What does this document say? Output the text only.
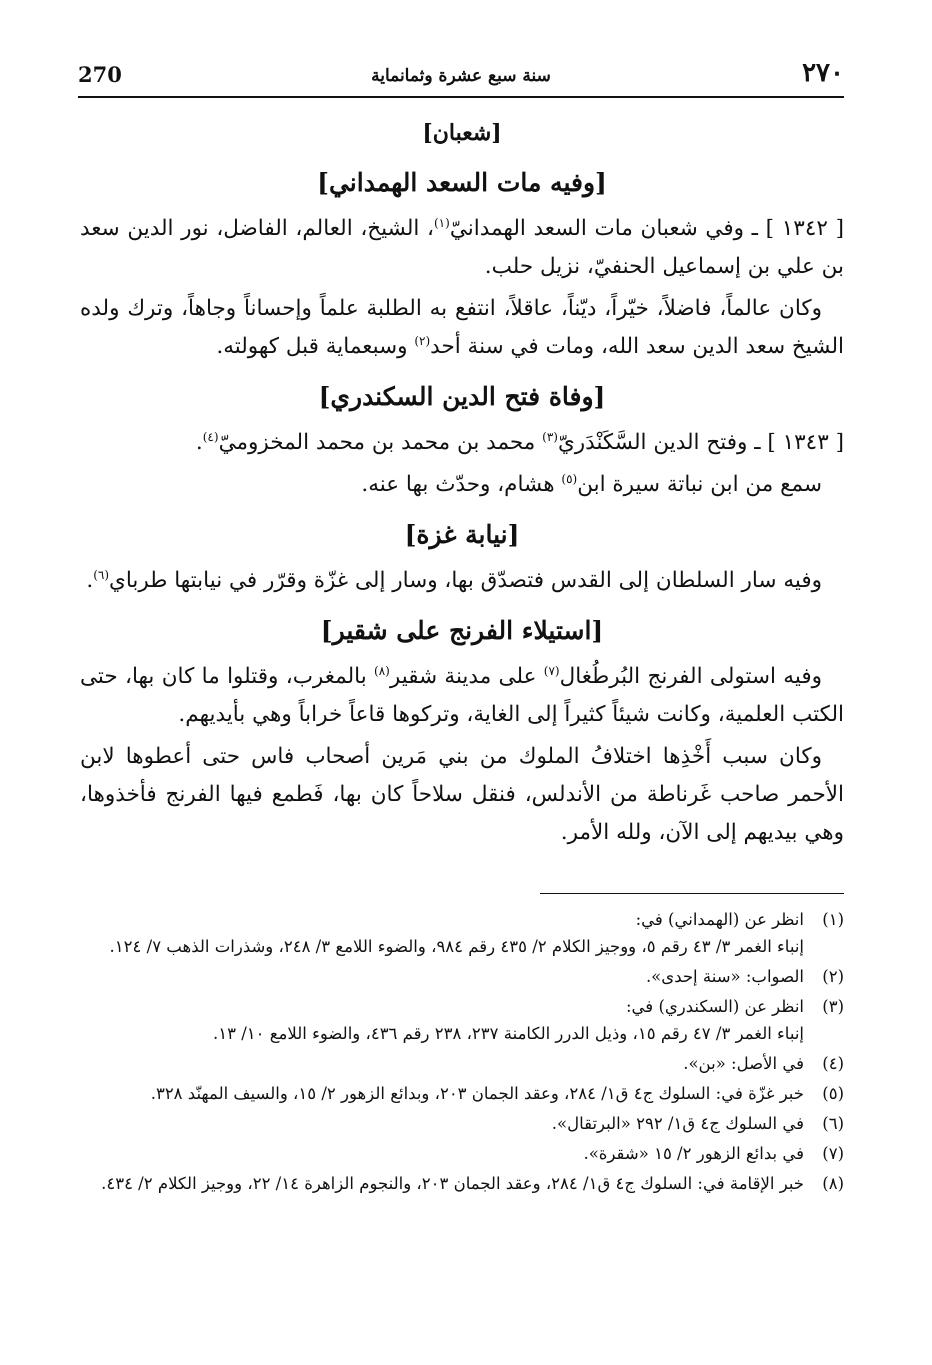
270	سنة سبع عشرة وثمانماية	٢٧٠

[شعبان]

[وفيه مات السعد الهمداني]

[ ١٣٤٢ ] ـ وفي شعبان مات السعد الهمدانيّ$^{(١)}$، الشيخ، العالم، الفاضل، نور الدين سعد بن علي بن إسماعيل الحنفيّ، نزيل حلب.

وكان عالماً، فاضلاً، خيّراً، ديّناً، عاقلاً، انتفع به الطلبة علماً وإحساناً وجاهاً، وترك ولده الشيخ سعد الدين سعد الله، ومات في سنة أحد$^{(٢)}$ وسبعماية قبل كهولته.

[وفاة فتح الدين السكندري]

[ ١٣٤٣ ] ـ وفتح الدين السَّكَنْدَريّ$^{(٣)}$ محمد بن محمد بن محمد المخزوميّ$^{(٤)}$.

سمع من ابن نباتة سيرة ابن$^{(٥)}$ هشام، وحدّث بها عنه.

[نيابة غزة]

وفيه سار السلطان إلى القدس فتصدّق بها، وسار إلى غزّة وقرّر في نيابتها طرباي$^{(٦)}$.

[استيلاء الفرنج على شقير]

وفيه استولى الفرنج البُرطُغال$^{(٧)}$ على مدينة شقير$^{(٨)}$ بالمغرب، وقتلوا ما كان بها، حتى الكتب العلمية، وكانت شيئاً كثيراً إلى الغاية، وتركوها قاعاً خراباً وهي بأيديهم.

وكان سبب أَخْذِها اختلافُ الملوك من بني مَرين أصحاب فاس حتى أعطوها لابن الأحمر صاحب غَرناطة من الأندلس، فنقل سلاحاً كان بها، فَطمع فيها الفرنج فأخذوها، وهي بيديهم إلى الآن، ولله الأمر.

(١)
انظر عن (الهمداني) في:
إنباء الغمر ٣/ ٤٣ رقم ٥، ووجيز الكلام ٢/ ٤٣٥ رقم ٩٨٤، والضوء اللامع ٣/ ٢٤٨، وشذرات الذهب ٧/ ١٢٤.
(٢)
الصواب: «سنة إحدى».
(٣)
انظر عن (السكندري) في:
إنباء الغمر ٣/ ٤٧ رقم ١٥، وذيل الدرر الكامنة ٢٣٧، ٢٣٨ رقم ٤٣٦، والضوء اللامع ١٠/ ١٣.
(٤)
في الأصل: «بن».
(٥)
خبر غزّة في: السلوك ج٤ ق١/ ٢٨٤، وعقد الجمان ٢٠٣، وبدائع الزهور ٢/ ١٥، والسيف المهنّد ٣٢٨.
(٦)
في السلوك ج٤ ق١/ ٢٩٢ «البرتقال».
(٧)
في بدائع الزهور ٢/ ١٥ «شقرة».
(٨)
خبر الإقامة في: السلوك ج٤ ق١/ ٢٨٤، وعقد الجمان ٢٠٣، والنجوم الزاهرة ١٤/ ٢٢، ووجيز الكلام ٢/ ٤٣٤.
